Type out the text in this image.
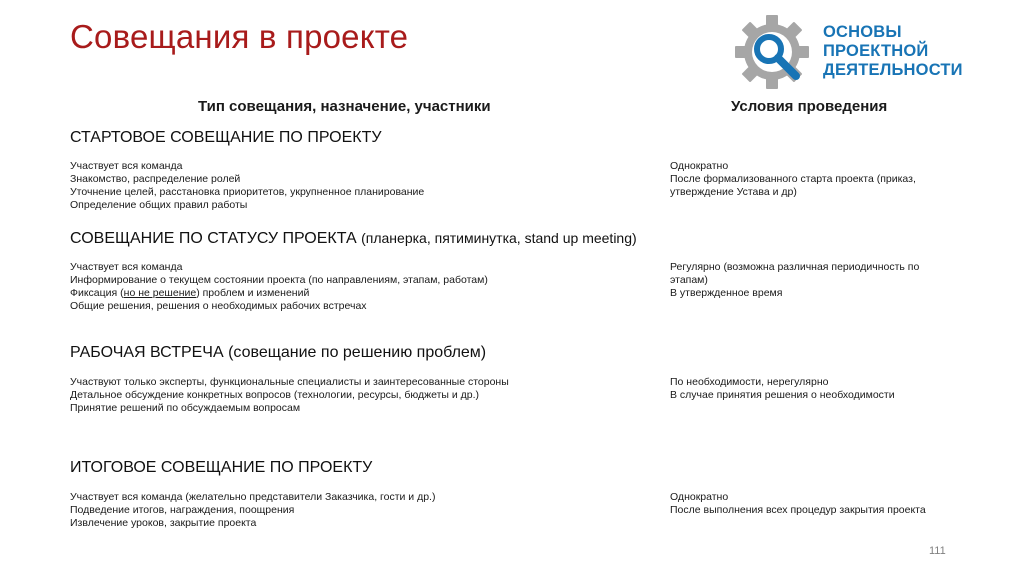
Совещания в проекте	ОСНОВЫ
ПРОЕКТНОЙ
ДЕЯТЕЛЬНОСТИ
Тип совещания, назначение, участники	Условия проведения
СТАРТОВОЕ СОВЕЩАНИЕ ПО ПРОЕКТУ
Участвует вся команда
Знакомство, распределение ролей
Уточнение целей, расстановка приоритетов, укрупненное планирование
Определение общих правил работы
Однократно
После формализованного старта проекта (приказ,
утверждение Устава и др)
СОВЕЩАНИЕ ПО СТАТУСУ ПРОЕКТА (планерка, пятиминутка, stand up meeting)
Участвует вся команда
Информирование о текущем состоянии проекта (по направлениям, этапам, работам)
Фиксация (но не решение) проблем и изменений
Общие решения, решения о необходимых рабочих встречах
Регулярно (возможна различная периодичность по
этапам)
В утвержденное время
РАБОЧАЯ ВСТРЕЧА (совещание по решению проблем)
Участвуют только эксперты, функциональные специалисты и заинтересованные стороны
Детальное обсуждение конкретных вопросов (технологии, ресурсы, бюджеты и др.)
Принятие решений по обсуждаемым вопросам
По необходимости, нерегулярно
В случае принятия решения о необходимости
ИТОГОВОЕ СОВЕЩАНИЕ ПО ПРОЕКТУ
Участвует вся команда (желательно представители Заказчика, гости и др.)
Подведение итогов, награждения, поощрения
Извлечение уроков, закрытие проекта
Однократно
После выполнения всех процедур закрытия проекта
111
